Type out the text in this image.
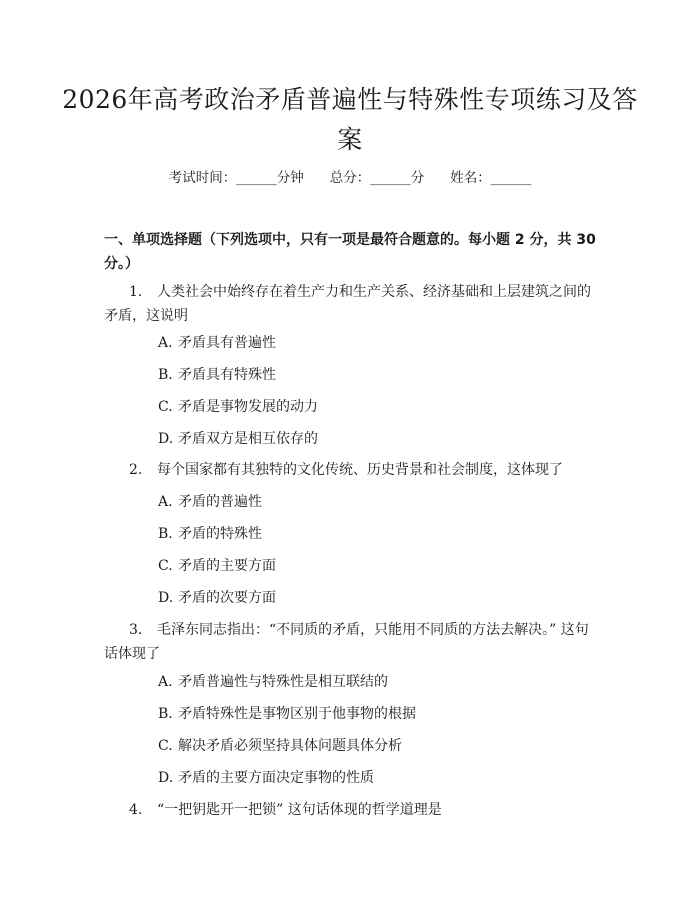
2026年高考政治矛盾普遍性与特殊性专项练习及答案
考试时间：______分钟 总分：______分 姓名：______
一、单项选择题（下列选项中，只有一项是最符合题意的。每小题 2 分，共 30 分。）
1. 人类社会中始终存在着生产力和生产关系、经济基础和上层建筑之间的矛盾，这说明
A. 矛盾具有普遍性
B. 矛盾具有特殊性
C. 矛盾是事物发展的动力
D. 矛盾双方是相互依存的
2. 每个国家都有其独特的文化传统、历史背景和社会制度，这体现了
A. 矛盾的普遍性
B. 矛盾的特殊性
C. 矛盾的主要方面
D. 矛盾的次要方面
3. 毛泽东同志指出：“不同质的矛盾，只能用不同质的方法去解决。” 这句话体现了
A. 矛盾普遍性与特殊性是相互联结的
B. 矛盾特殊性是事物区别于他事物的根据
C. 解决矛盾必须坚持具体问题具体分析
D. 矛盾的主要方面决定事物的性质
4. “一把钥匙开一把锁” 这句话体现的哲学道理是
